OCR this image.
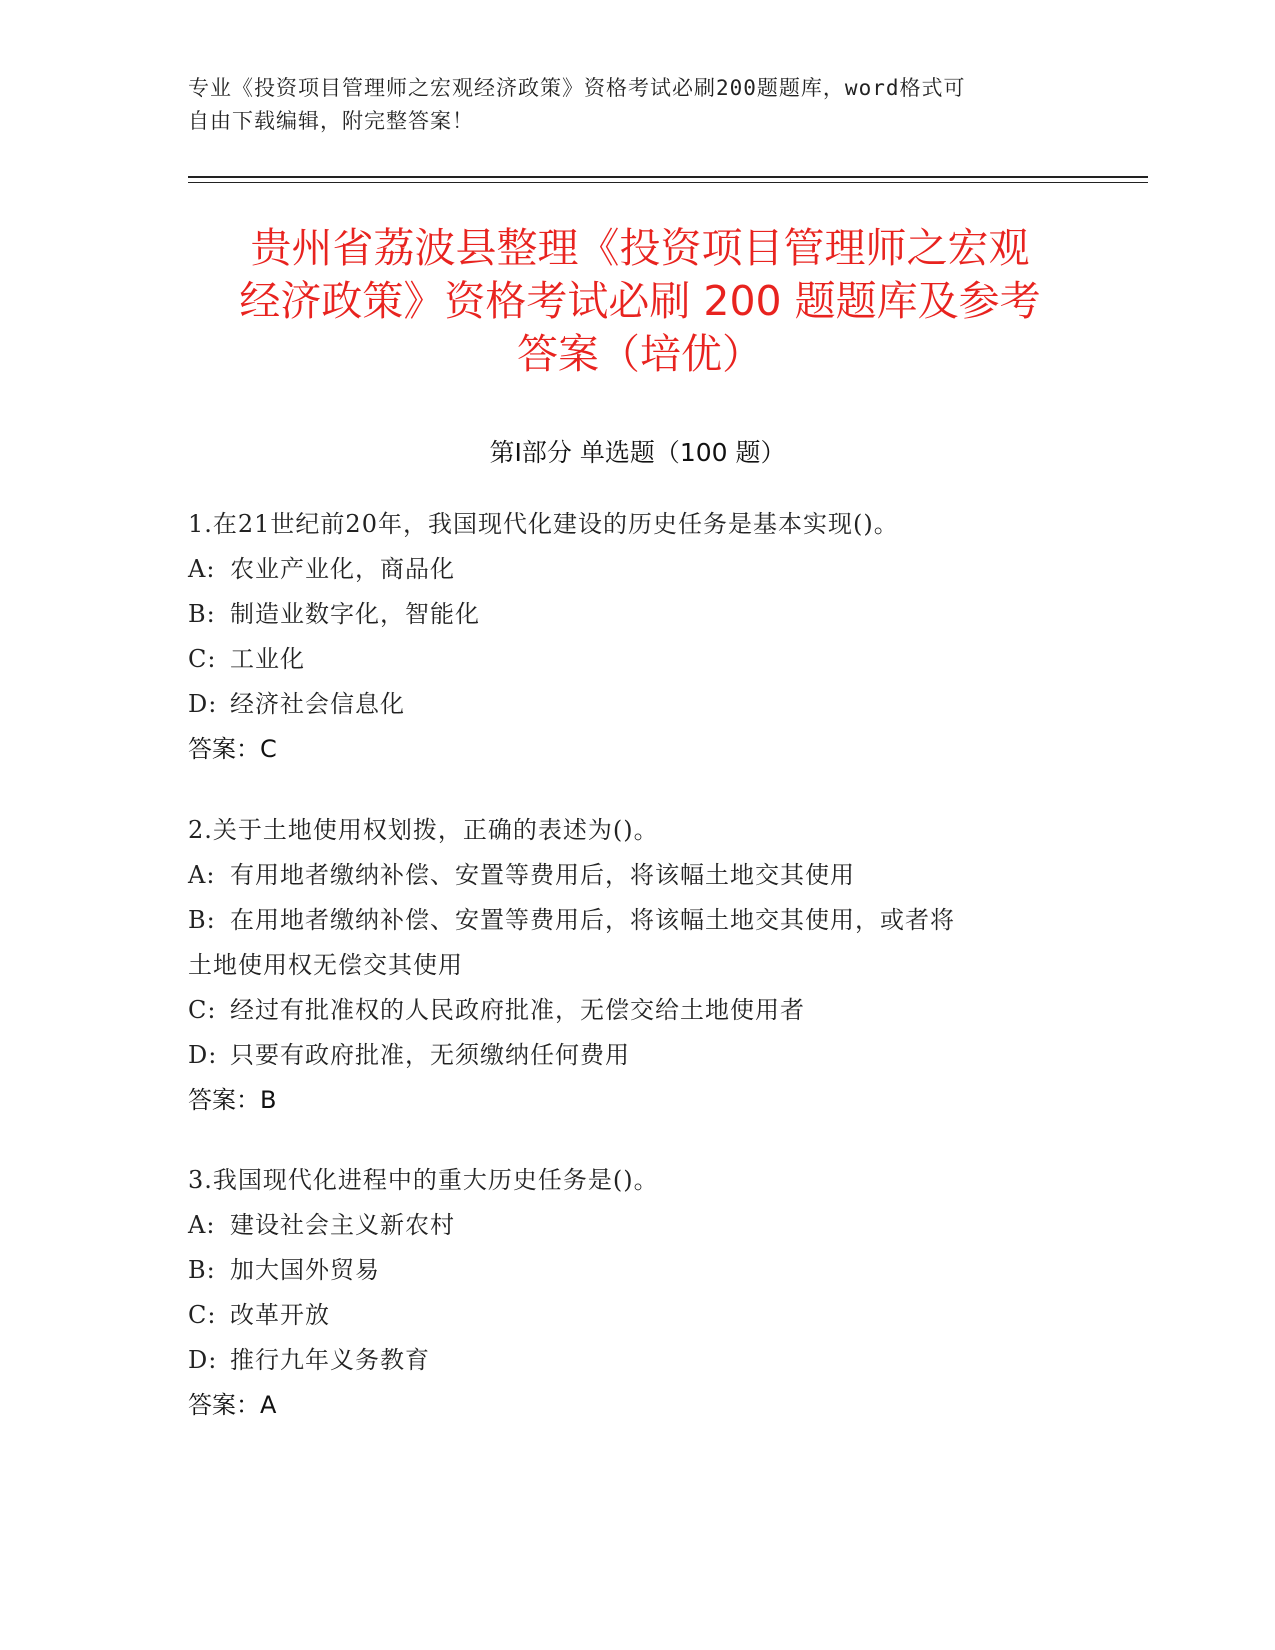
专业《投资项目管理师之宏观经济政策》资格考试必刷200题题库，word格式可
自由下载编辑，附完整答案！
贵州省荔波县整理《投资项目管理师之宏观
经济政策》资格考试必刷 200 题题库及参考
答案（培优）
第Ⅰ部分 单选题（100 题）
1.在21世纪前20年，我国现代化建设的历史任务是基本实现()。
A: 农业产业化，商品化
B: 制造业数字化，智能化
C: 工业化
D: 经济社会信息化
答案：C
2.关于土地使用权划拨，正确的表述为()。
A: 有用地者缴纳补偿、安置等费用后，将该幅土地交其使用
B: 在用地者缴纳补偿、安置等费用后，将该幅土地交其使用，或者将
土地使用权无偿交其使用
C: 经过有批准权的人民政府批准，无偿交给土地使用者
D: 只要有政府批准，无须缴纳任何费用
答案：B
3.我国现代化进程中的重大历史任务是()。
A: 建设社会主义新农村
B: 加大国外贸易
C: 改革开放
D: 推行九年义务教育
答案：A
